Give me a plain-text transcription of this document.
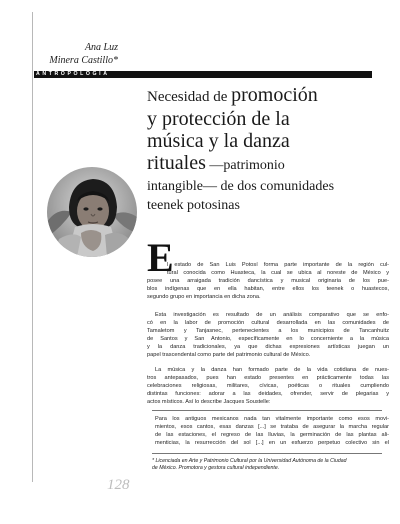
Ana Luz
Minera Castillo*
ANTROPOLOGÍA
Necesidad de promoción
y protección de la
música y la danza
rituales —patrimonio
intangible— de dos comunidades
teenek potosinas
E
l estado de San Luis Potosí forma parte importante de la región cul-
tural conocida como Huasteca, la cual se ubica al noreste de México y
posee una arraigada tradición dancística y musical originaria de los pue-
blos indígenas que en ella habitan, entre ellos los teenek o huastecos,
segundo grupo en importancia en dicha zona.
Esta investigación es resultado de un análisis comparativo que se enfo-
có en la labor de promoción cultural desarrollada en las comunidades de
Tamaletom y Tanjasnec, pertenecientes a los municipios de Tancanhuitz
de Santos y San Antonio, específicamente en lo concerniente a la música
y la danza tradicionales, ya que dichas expresiones artísticas juegan un
papel trascendental como parte del patrimonio cultural de México.
La música y la danza han formado parte de la vida cotidiana de nues-
tros antepasados, pues han estado presentes en prácticamente todas las
celebraciones religiosas, militares, cívicas, poéticas o rituales cumpliendo
distintas funciones: adorar a las deidades, ofrender, servir de plegarias y
actos místicos. Así lo describe Jacques Soustelle:
Para los antiguos mexicanos nada tan vitalmente importante como esos movi-
mientos, esos cantos, esas danzas [...] se trataba de asegurar la marcha regular
de las estaciones, el regreso de las lluvias, la germinación de las plantas ali-
menticias, la resurrección del sol [...] en un esfuerzo perpetuo colectivo sin el
* Licenciada en Arte y Patrimonio Cultural por la Universidad Autónoma de la Ciudad
de México. Promotora y gestora cultural independiente.
128
